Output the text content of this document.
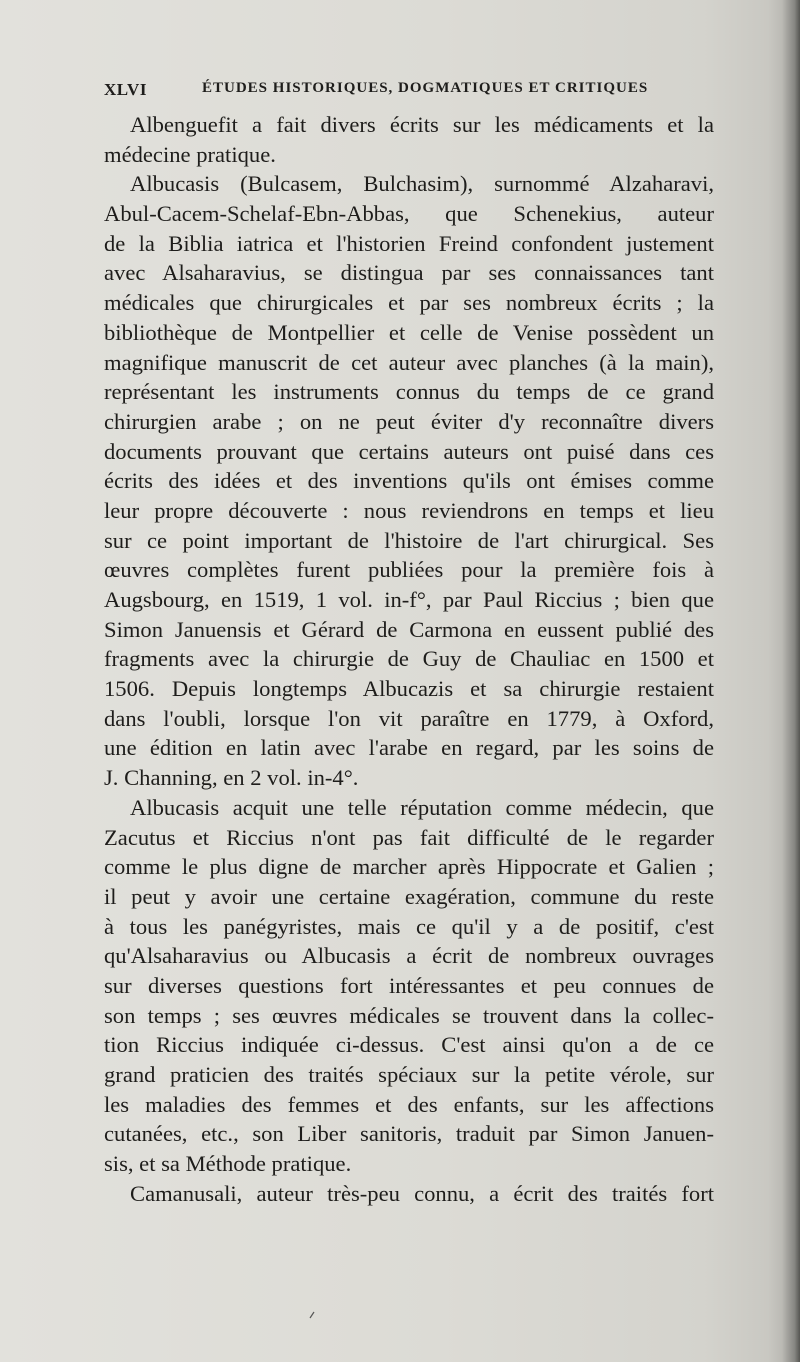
XLVI	ÉTUDES HISTORIQUES, DOGMATIQUES ET CRITIQUES
Albenguefit a fait divers écrits sur les médicaments et la
médecine pratique.
Albucasis (Bulcasem, Bulchasim), surnommé Alzaharavi,
Abul-Cacem-Schelaf-Ebn-Abbas, que Schenekius, auteur
de la Biblia iatrica et l'historien Freind confondent justement
avec Alsaharavius, se distingua par ses connaissances tant
médicales que chirurgicales et par ses nombreux écrits ; la
bibliothèque de Montpellier et celle de Venise possèdent un
magnifique manuscrit de cet auteur avec planches (à la main),
représentant les instruments connus du temps de ce grand
chirurgien arabe ; on ne peut éviter d'y reconnaître divers
documents prouvant que certains auteurs ont puisé dans ces
écrits des idées et des inventions qu'ils ont émises comme
leur propre découverte : nous reviendrons en temps et lieu
sur ce point important de l'histoire de l'art chirurgical. Ses
œuvres complètes furent publiées pour la première fois à
Augsbourg, en 1519, 1 vol. in-f°, par Paul Riccius ; bien que
Simon Januensis et Gérard de Carmona en eussent publié des
fragments avec la chirurgie de Guy de Chauliac en 1500 et
1506. Depuis longtemps Albucazis et sa chirurgie restaient
dans l'oubli, lorsque l'on vit paraître en 1779, à Oxford,
une édition en latin avec l'arabe en regard, par les soins de
J. Channing, en 2 vol. in-4°.
Albucasis acquit une telle réputation comme médecin, que
Zacutus et Riccius n'ont pas fait difficulté de le regarder
comme le plus digne de marcher après Hippocrate et Galien ;
il peut y avoir une certaine exagération, commune du reste
à tous les panégyristes, mais ce qu'il y a de positif, c'est
qu'Alsaharavius ou Albucasis a écrit de nombreux ouvrages
sur diverses questions fort intéressantes et peu connues de
son temps ; ses œuvres médicales se trouvent dans la collec-
tion Riccius indiquée ci-dessus. C'est ainsi qu'on a de ce
grand praticien des traités spéciaux sur la petite vérole, sur
les maladies des femmes et des enfants, sur les affections
cutanées, etc., son Liber sanitoris, traduit par Simon Januen-
sis, et sa Méthode pratique.
Camanusali, auteur très-peu connu, a écrit des traités fort
